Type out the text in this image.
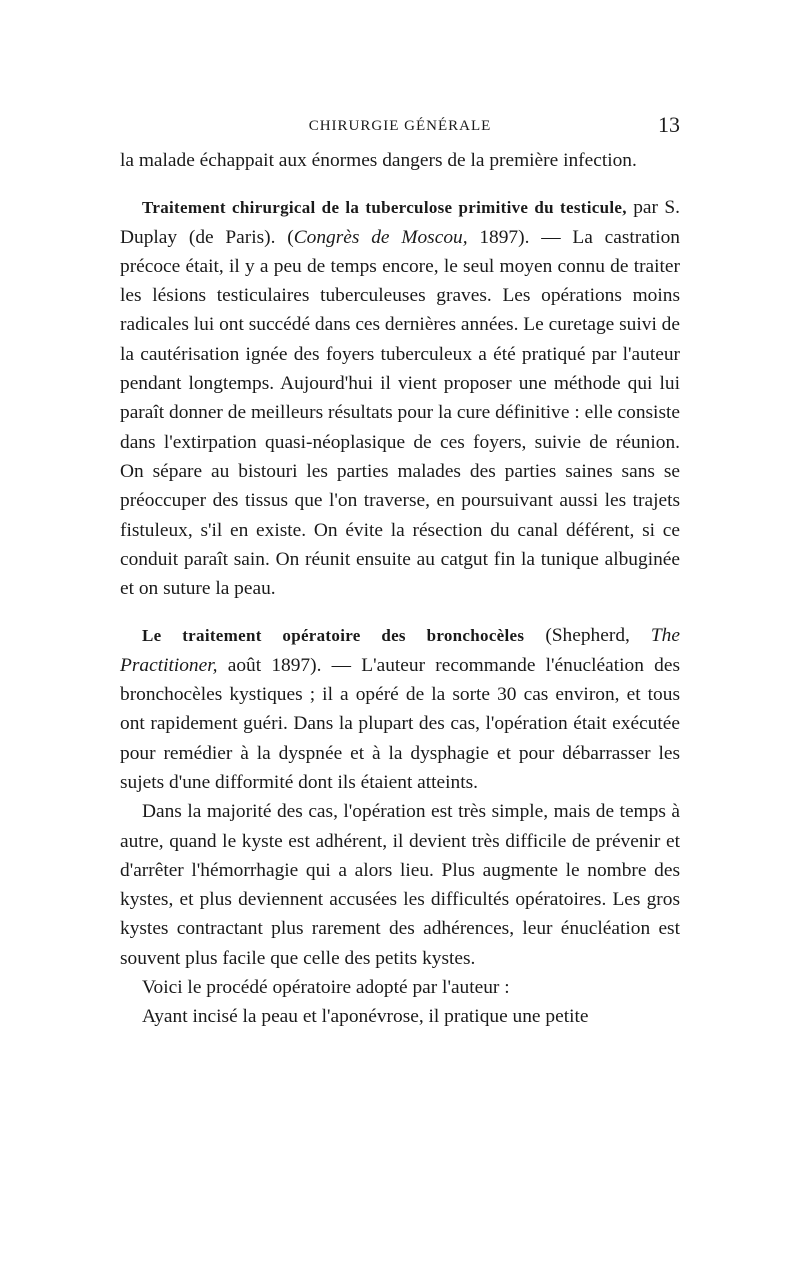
CHIRURGIE GÉNÉRALE	13

la malade échappait aux énormes dangers de la première infection.

Traitement chirurgical de la tuberculose primitive du testicule, par S. Duplay (de Paris). (Congrès de Moscou, 1897). — La castration précoce était, il y a peu de temps encore, le seul moyen connu de traiter les lésions testiculaires tuberculeuses graves. Les opérations moins radicales lui ont succédé dans ces dernières années. Le curetage suivi de la cautérisation ignée des foyers tuberculeux a été pratiqué par l'auteur pendant longtemps. Aujourd'hui il vient proposer une méthode qui lui paraît donner de meilleurs résultats pour la cure définitive : elle consiste dans l'extirpation quasi-néoplasique de ces foyers, suivie de réunion. On sépare au bistouri les parties malades des parties saines sans se préoccuper des tissus que l'on traverse, en poursuivant aussi les trajets fistuleux, s'il en existe. On évite la résection du canal déférent, si ce conduit paraît sain. On réunit ensuite au catgut fin la tunique albuginée et on suture la peau.

Le traitement opératoire des bronchocèles (Shepherd, The Practitioner, août 1897). — L'auteur recommande l'énucléation des bronchocèles kystiques ; il a opéré de la sorte 30 cas environ, et tous ont rapidement guéri. Dans la plupart des cas, l'opération était exécutée pour remédier à la dyspnée et à la dysphagie et pour débarrasser les sujets d'une difformité dont ils étaient atteints.

Dans la majorité des cas, l'opération est très simple, mais de temps à autre, quand le kyste est adhérent, il devient très difficile de prévenir et d'arrêter l'hémorrhagie qui a alors lieu. Plus augmente le nombre des kystes, et plus deviennent accusées les difficultés opératoires. Les gros kystes contractant plus rarement des adhérences, leur énucléation est souvent plus facile que celle des petits kystes.

Voici le procédé opératoire adopté par l'auteur :

Ayant incisé la peau et l'aponévrose, il pratique une petite
